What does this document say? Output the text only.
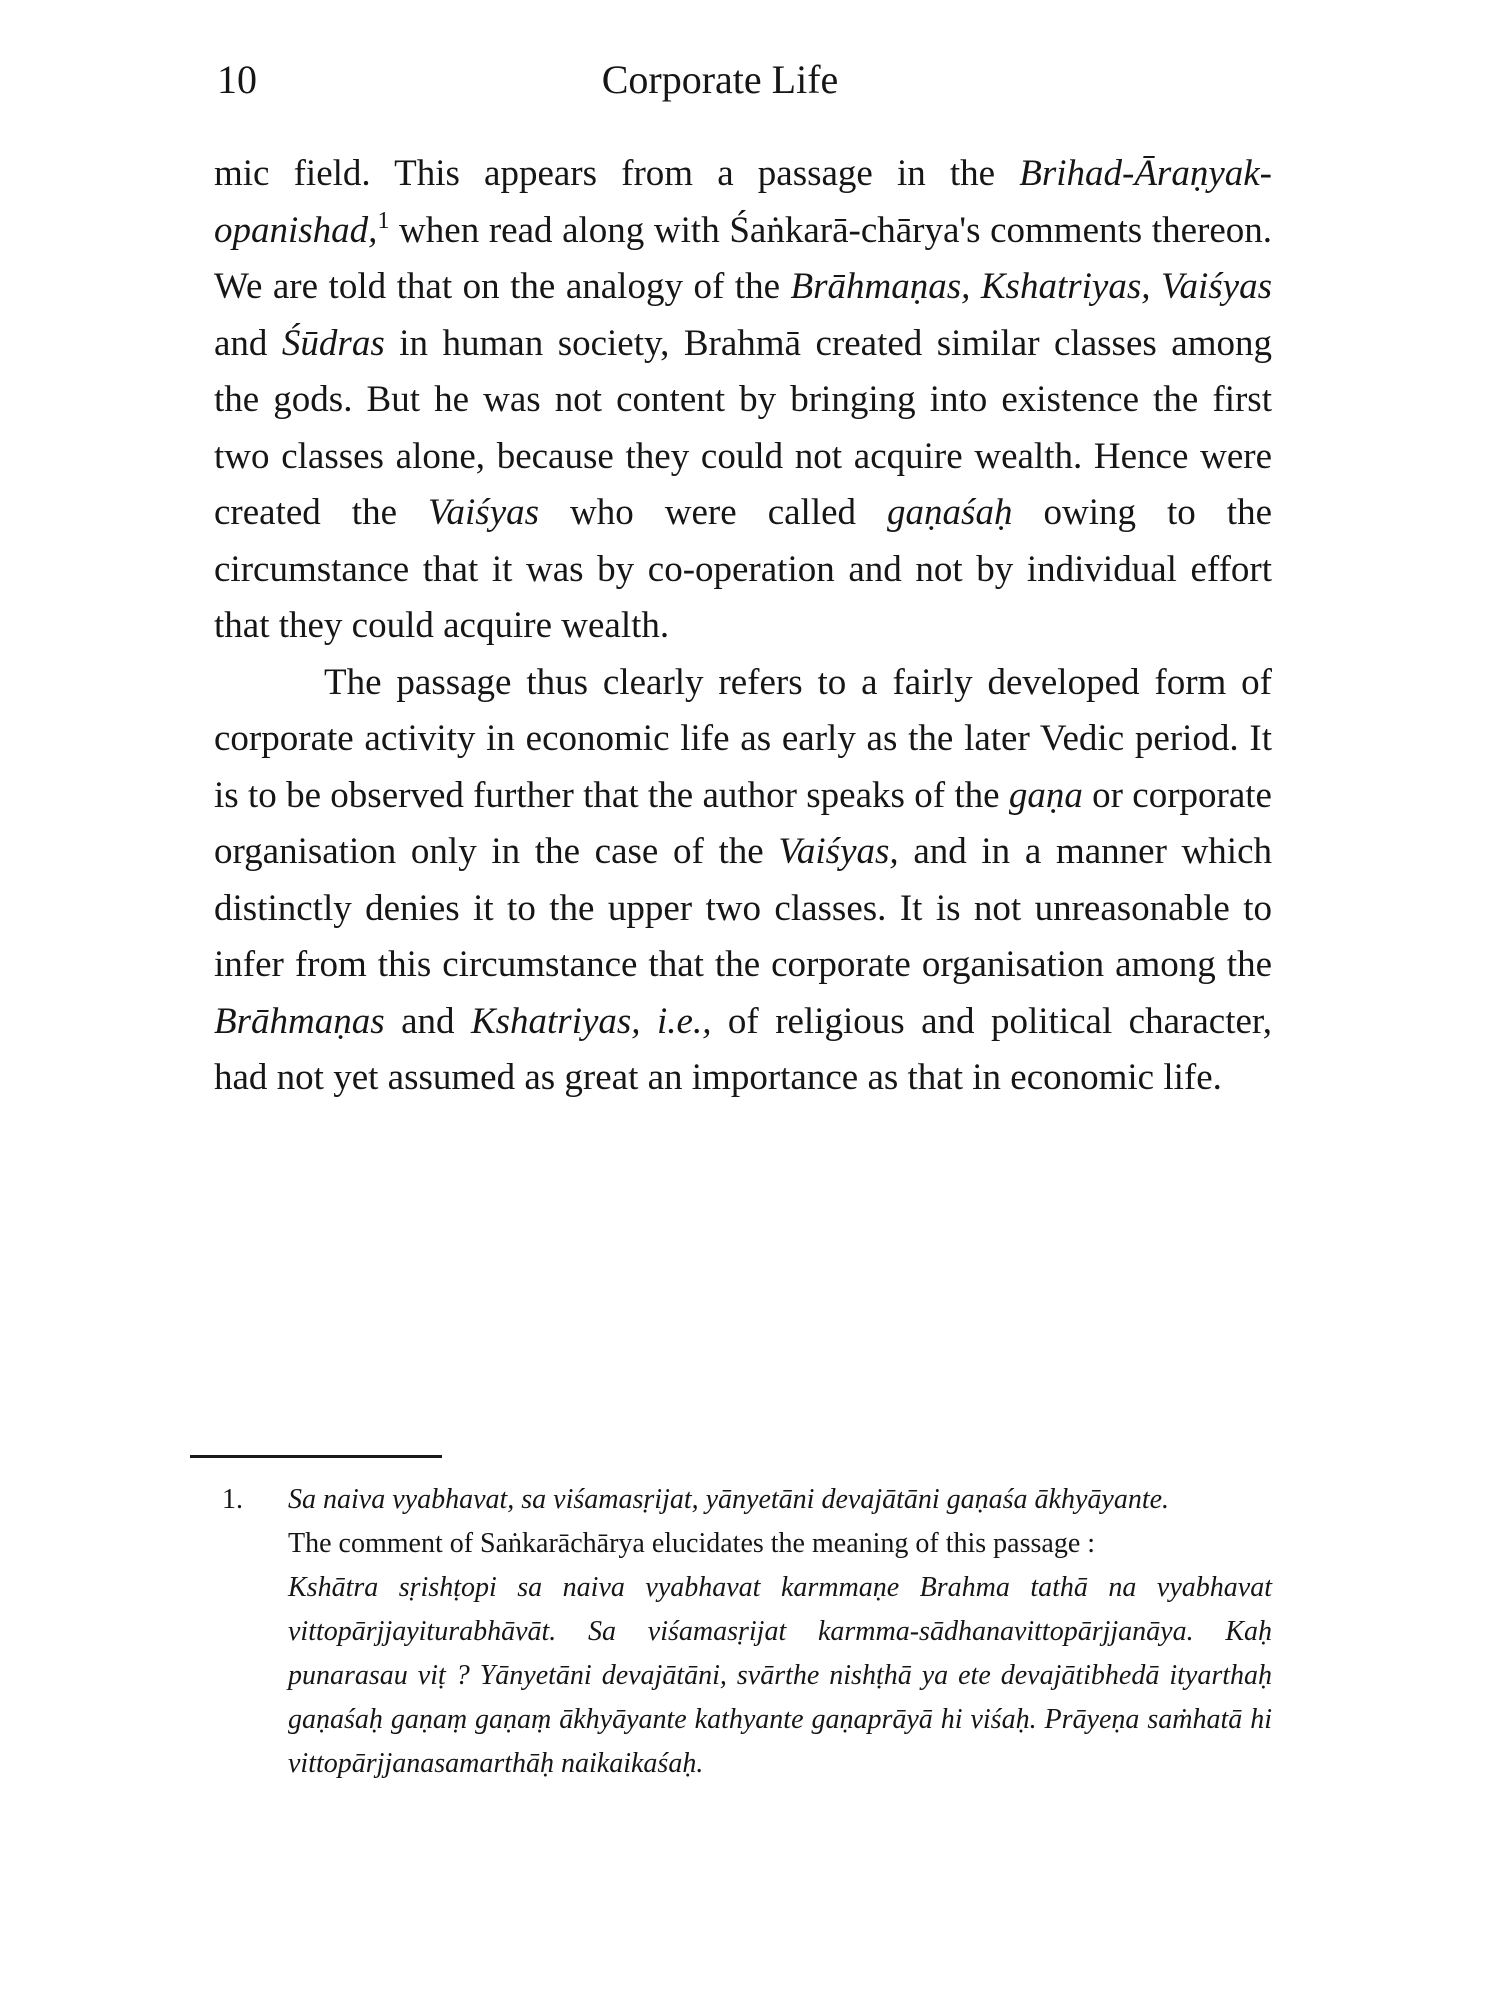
10	Corporate Life

mic field. This appears from a passage in the Brihad-Āraṇyak-opanishad,$^1$ when read along with Śaṅkarā-chārya's comments thereon. We are told that on the analogy of the Brāhmaṇas, Kshatriyas, Vaiśyas and Śūdras in human society, Brahmā created similar classes among the gods. But he was not content by bringing into existence the first two classes alone, because they could not acquire wealth. Hence were created the Vaiśyas who were called gaṇaśaḥ owing to the circumstance that it was by co-operation and not by individual effort that they could acquire wealth.

The passage thus clearly refers to a fairly developed form of corporate activity in economic life as early as the later Vedic period. It is to be observed further that the author speaks of the gaṇa or corporate organisation only in the case of the Vaiśyas, and in a manner which distinctly denies it to the upper two classes. It is not unreasonable to infer from this circumstance that the corporate organisation among the Brāhmaṇas and Kshatriyas, i.e., of religious and political character, had not yet assumed as great an importance as that in economic life.

1. Sa naiva vyabhavat, sa viśamasṛijat, yānyetāni devajātāni gaṇaśa ākhyāyante.

The comment of Saṅkarāchārya elucidates the meaning of this passage :

Kshātra sṛishṭopi sa naiva vyabhavat karmmaṇe Brahma tathā na vyabhavat vittopārjjayiturabhāvāt. Sa viśamasṛijat karmma-sādhanavittopārjjanāya. Kaḥ punarasau viṭ ? Yānyetāni devajātāni, svārthe nishṭhā ya ete devajātibhedā ityarthaḥ gaṇaśaḥ gaṇaṃ gaṇaṃ ākhyāyante kathyante gaṇaprāyā hi viśaḥ. Prāyeṇa saṁhatā hi vittopārjjanasamarthāḥ naikaikaśaḥ.
